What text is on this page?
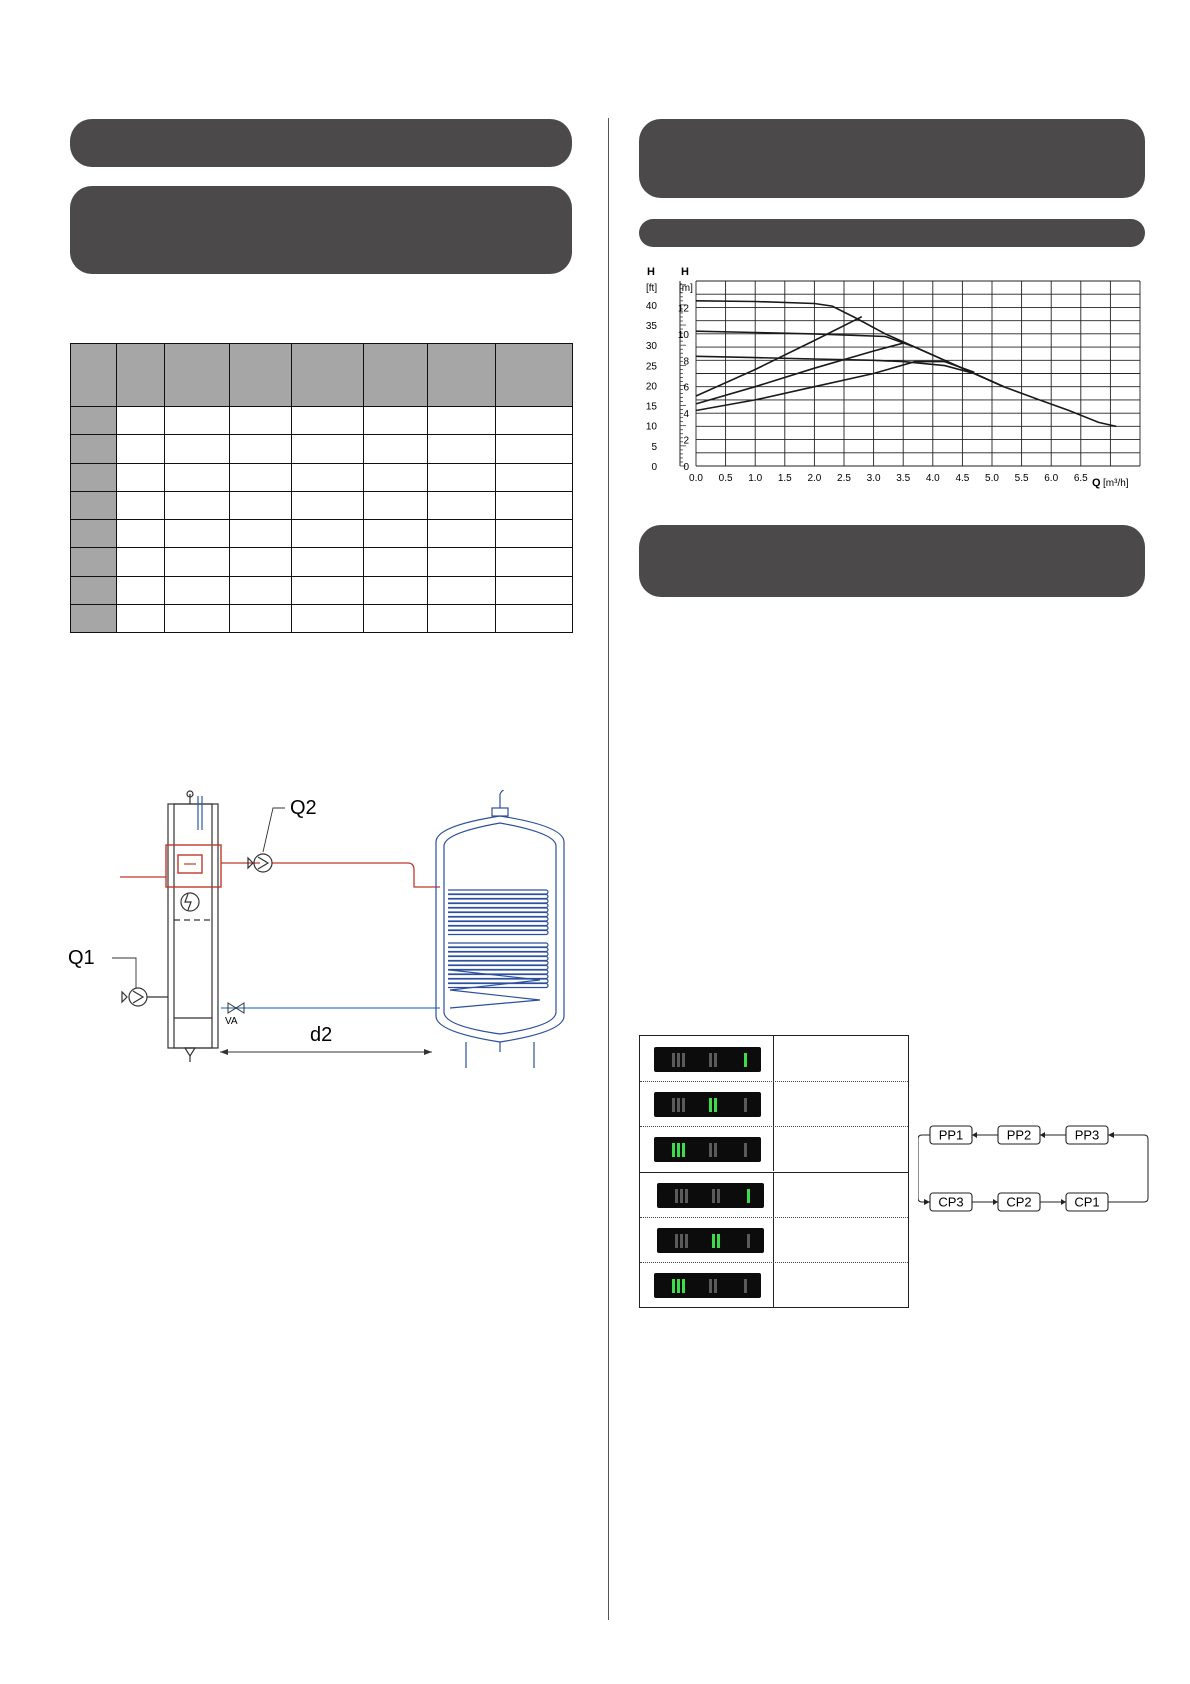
0.0 0.5 1.0 1.5 2.0 2.5 3.0 3.5 4.0 4.5 5.0 5.5 6.0 6.5
0
2
4
6
8
10
12
0
5
10
15
20
25
30
35
40
H
[ft]
H
[m]
Q [m³/h]
VA
Q2
Q1
d2
PP1	PP2	PP3
CP3	CP2	CP1
